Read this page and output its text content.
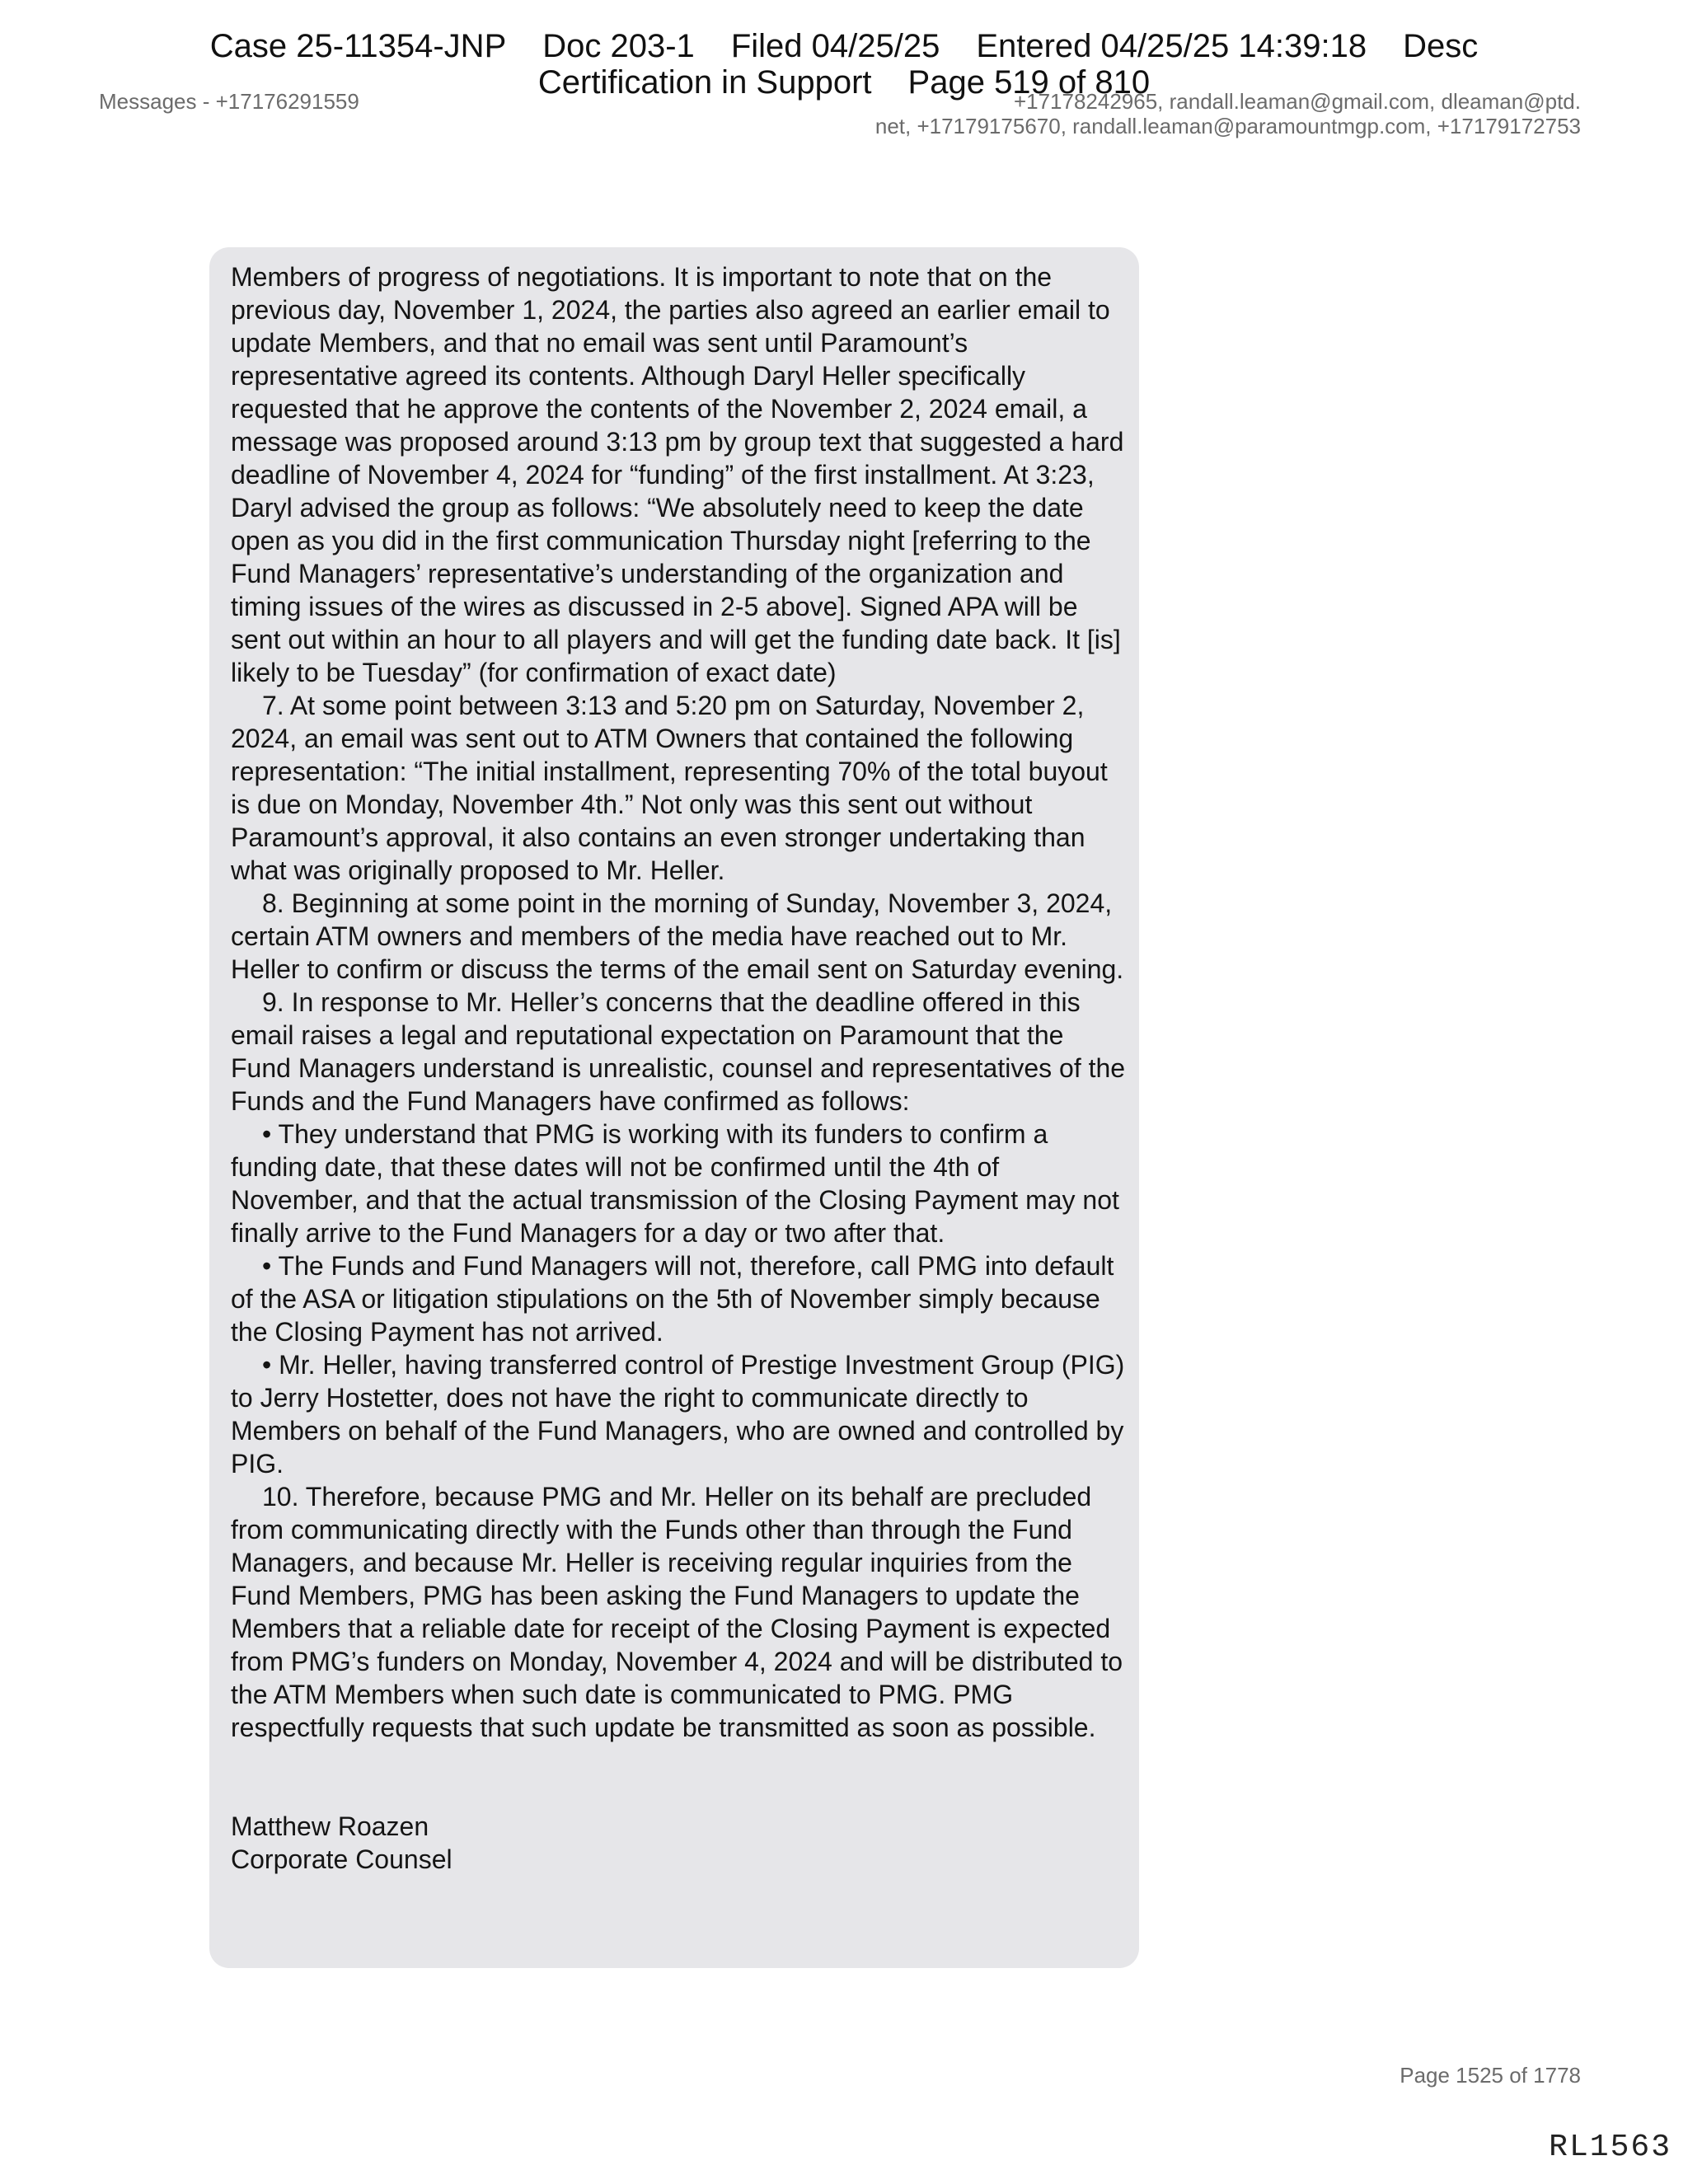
Case 25-11354-JNP Doc 203-1 Filed 04/25/25 Entered 04/25/25 14:39:18 Desc
Certification in Support Page 519 of 810
Messages - +17176291559	+17178242965, randall.leaman@gmail.com, dleaman@ptd.
net, +17179175670, randall.leaman@paramountmgp.com, +17179172753

Members of progress of negotiations. It is important to note that on the previous day, November 1, 2024, the parties also agreed an earlier email to update Members, and that no email was sent until Paramount’s representative agreed its contents. Although Daryl Heller specifically requested that he approve the contents of the November 2, 2024 email, a message was proposed around 3:13 pm by group text that suggested a hard deadline of November 4, 2024 for “funding” of the first installment. At 3:23, Daryl advised the group as follows: “We absolutely need to keep the date open as you did in the first communication Thursday night [referring to the Fund Managers’ representative’s understanding of the organization and timing issues of the wires as discussed in 2-5 above]. Signed APA will be sent out within an hour to all players and will get the funding date back. It [is] likely to be Tuesday” (for confirmation of exact date)

7. At some point between 3:13 and 5:20 pm on Saturday, November 2, 2024, an email was sent out to ATM Owners that contained the following representation: “The initial installment, representing 70% of the total buyout is due on Monday, November 4th.” Not only was this sent out without Paramount’s approval, it also contains an even stronger undertaking than what was originally proposed to Mr. Heller.

8. Beginning at some point in the morning of Sunday, November 3, 2024, certain ATM owners and members of the media have reached out to Mr. Heller to confirm or discuss the terms of the email sent on Saturday evening.

9. In response to Mr. Heller’s concerns that the deadline offered in this email raises a legal and reputational expectation on Paramount that the Fund Managers understand is unrealistic, counsel and representatives of the Funds and the Fund Managers have confirmed as follows:

• They understand that PMG is working with its funders to confirm a funding date, that these dates will not be confirmed until the 4th of November, and that the actual transmission of the Closing Payment may not finally arrive to the Fund Managers for a day or two after that.

• The Funds and Fund Managers will not, therefore, call PMG into default of the ASA or litigation stipulations on the 5th of November simply because the Closing Payment has not arrived.

• Mr. Heller, having transferred control of Prestige Investment Group (PIG) to Jerry Hostetter, does not have the right to communicate directly to Members on behalf of the Fund Managers, who are owned and controlled by PIG.

10. Therefore, because PMG and Mr. Heller on its behalf are precluded from communicating directly with the Funds other than through the Fund Managers, and because Mr. Heller is receiving regular inquiries from the Fund Members, PMG has been asking the Fund Managers to update the Members that a reliable date for receipt of the Closing Payment is expected from PMG’s funders on Monday, November 4, 2024 and will be distributed to the ATM Members when such date is communicated to PMG. PMG respectfully requests that such update be transmitted as soon as possible.

Matthew Roazen

Corporate Counsel

Page 1525 of 1778
RL1563
